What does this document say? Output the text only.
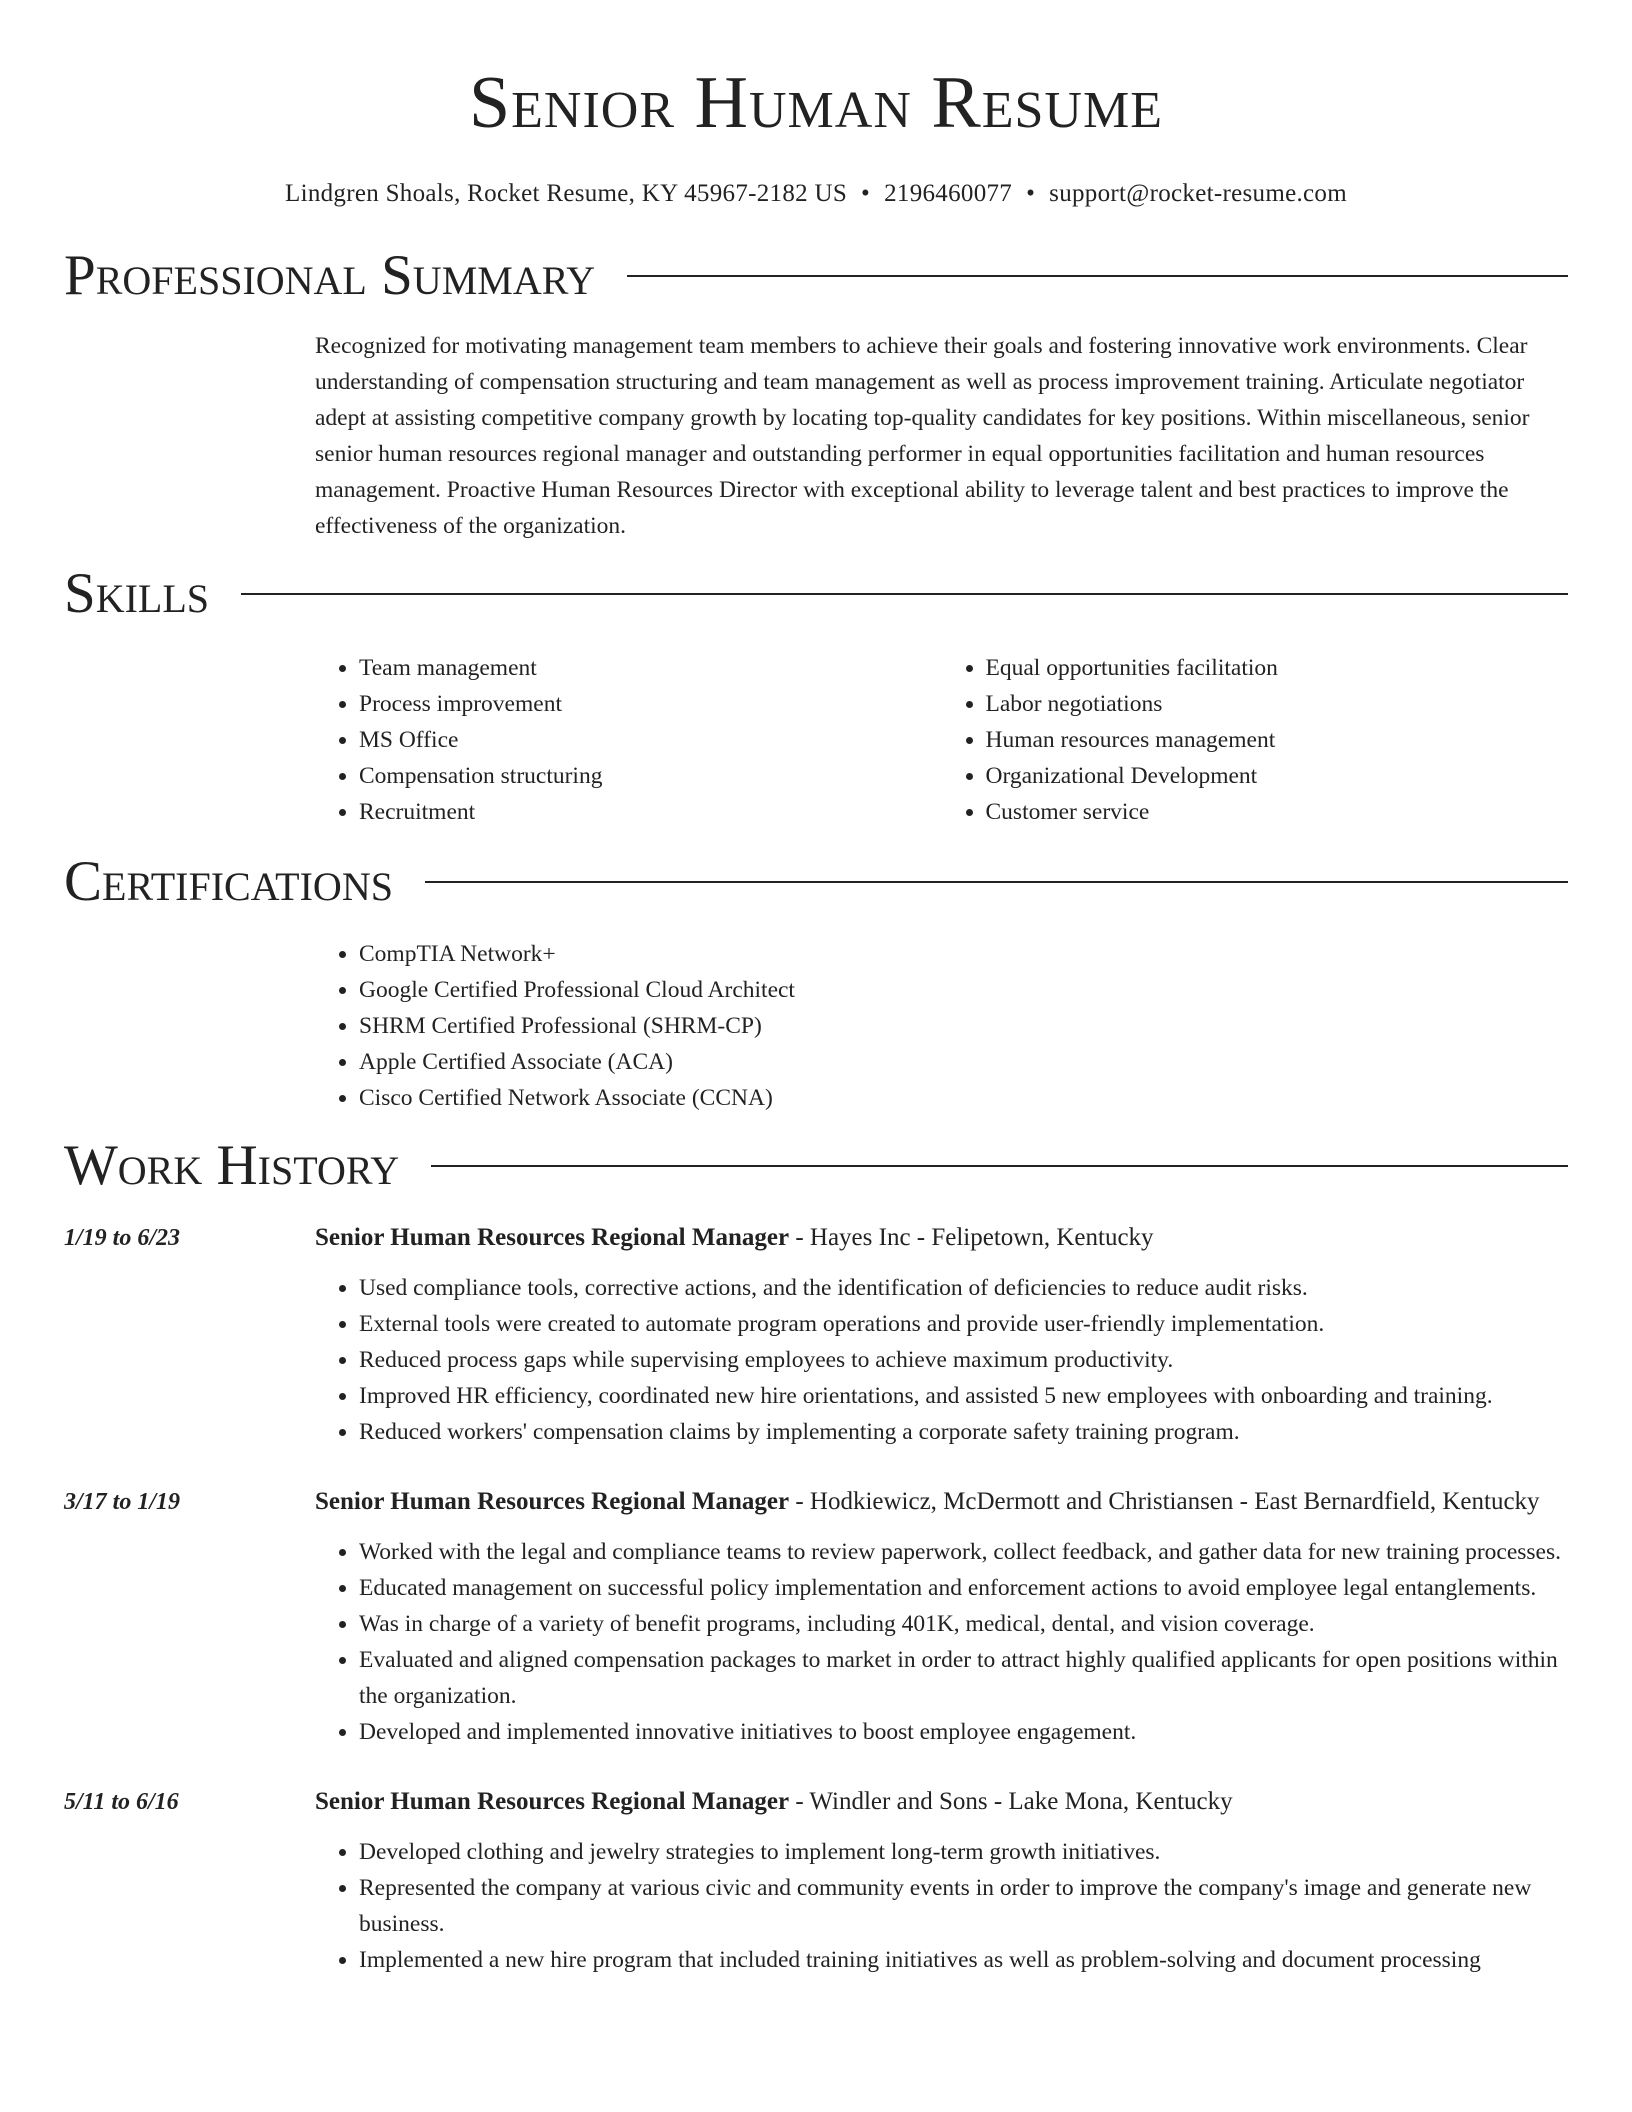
Senior Human Resume
Lindgren Shoals, Rocket Resume, KY 45967-2182 US • 2196460077 • support@rocket-resume.com
Professional Summary

Recognized for motivating management team members to achieve their goals and fostering innovative work environments. Clear understanding of compensation structuring and team management as well as process improvement training. Articulate negotiator adept at assisting competitive company growth by locating top-quality candidates for key positions. Within miscellaneous, senior senior human resources regional manager and outstanding performer in equal opportunities facilitation and human resources management. Proactive Human Resources Director with exceptional ability to leverage talent and best practices to improve the effectiveness of the organization.

Skills
• Team management
• Process improvement
• MS Office
• Compensation structuring
• Recruitment
• Equal opportunities facilitation
• Labor negotiations
• Human resources management
• Organizational Development
• Customer service
Certifications
• CompTIA Network+
• Google Certified Professional Cloud Architect
• SHRM Certified Professional (SHRM-CP)
• Apple Certified Associate (ACA)
• Cisco Certified Network Associate (CCNA)
Work History
1/19 to 6/23	Senior Human Resources Regional Manager - Hayes Inc - Felipetown, Kentucky
• Used compliance tools, corrective actions, and the identification of deficiencies to reduce audit risks.
• External tools were created to automate program operations and provide user-friendly implementation.
• Reduced process gaps while supervising employees to achieve maximum productivity.
• Improved HR efficiency, coordinated new hire orientations, and assisted 5 new employees with onboarding and training.
• Reduced workers' compensation claims by implementing a corporate safety training program.
3/17 to 1/19	Senior Human Resources Regional Manager - Hodkiewicz, McDermott and Christiansen - East Bernardfield, Kentucky
• Worked with the legal and compliance teams to review paperwork, collect feedback, and gather data for new training processes.
• Educated management on successful policy implementation and enforcement actions to avoid employee legal entanglements.
• Was in charge of a variety of benefit programs, including 401K, medical, dental, and vision coverage.
• Evaluated and aligned compensation packages to market in order to attract highly qualified applicants for open positions within the organization.
• Developed and implemented innovative initiatives to boost employee engagement.
5/11 to 6/16	Senior Human Resources Regional Manager - Windler and Sons - Lake Mona, Kentucky
• Developed clothing and jewelry strategies to implement long-term growth initiatives.
• Represented the company at various civic and community events in order to improve the company's image and generate new business.
• Implemented a new hire program that included training initiatives as well as problem-solving and document processing
